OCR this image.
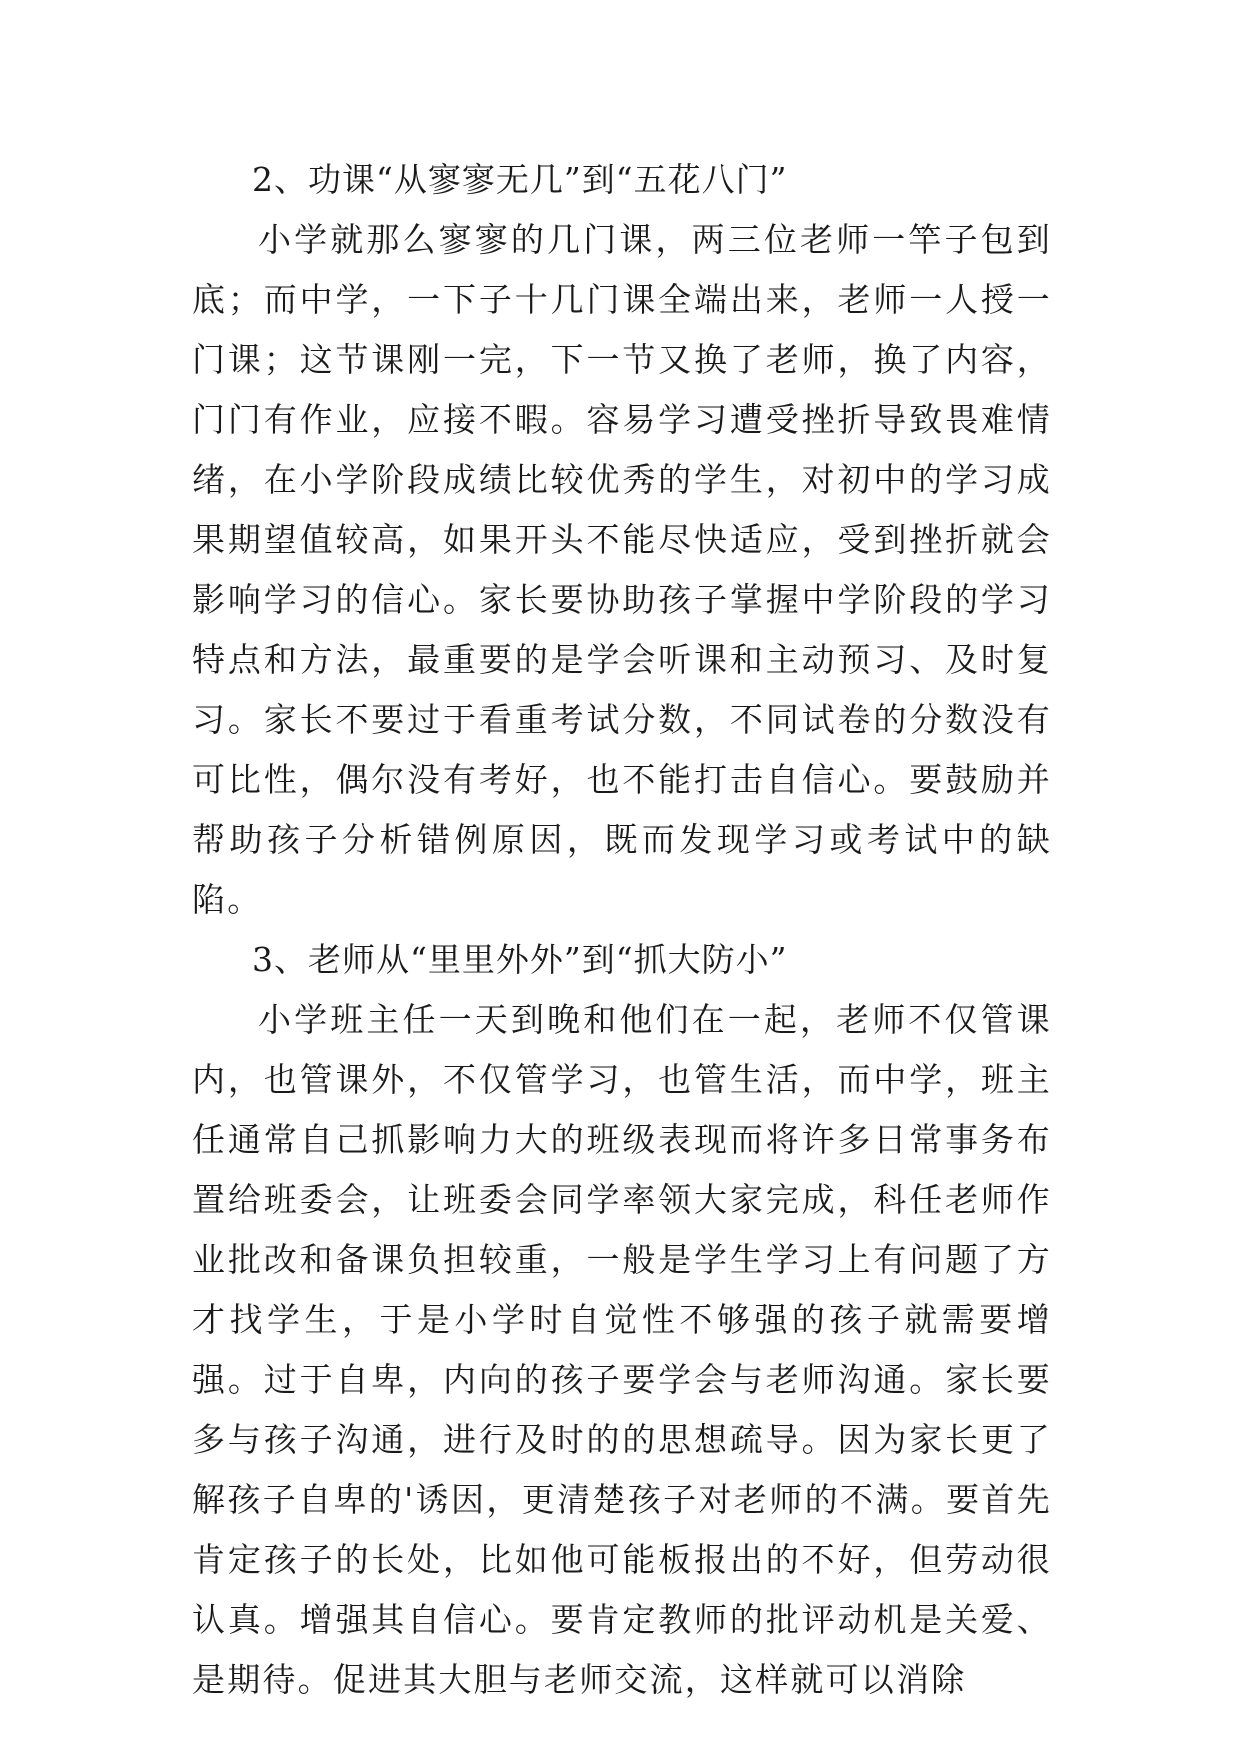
2、功课“从寥寥无几”到“五花八门”

小学就那么寥寥的几门课，两三位老师一竿子包到底；而中学，一下子十几门课全端出来，老师一人授一门课；这节课刚一完，下一节又换了老师，换了内容，门门有作业，应接不暇。容易学习遭受挫折导致畏难情绪，在小学阶段成绩比较优秀的学生，对初中的学习成果期望值较高，如果开头不能尽快适应，受到挫折就会影响学习的信心。家长要协助孩子掌握中学阶段的学习特点和方法，最重要的是学会听课和主动预习、及时复习。家长不要过于看重考试分数，不同试卷的分数没有可比性，偶尔没有考好，也不能打击自信心。要鼓励并帮助孩子分析错例原因，既而发现学习或考试中的缺陷。

3、老师从“里里外外”到“抓大防小”

小学班主任一天到晚和他们在一起，老师不仅管课内，也管课外，不仅管学习，也管生活，而中学，班主任通常自己抓影响力大的班级表现而将许多日常事务布置给班委会，让班委会同学率领大家完成，科任老师作业批改和备课负担较重，一般是学生学习上有问题了方才找学生，于是小学时自觉性不够强的孩子就需要增强。过于自卑，内向的孩子要学会与老师沟通。家长要多与孩子沟通，进行及时的的思想疏导。因为家长更了解孩子自卑的'诱因，更清楚孩子对老师的不满。要首先肯定孩子的长处，比如他可能板报出的不好，但劳动很认真。增强其自信心。要肯定教师的批评动机是关爱、是期待。促进其大胆与老师交流，这样就可以消除
